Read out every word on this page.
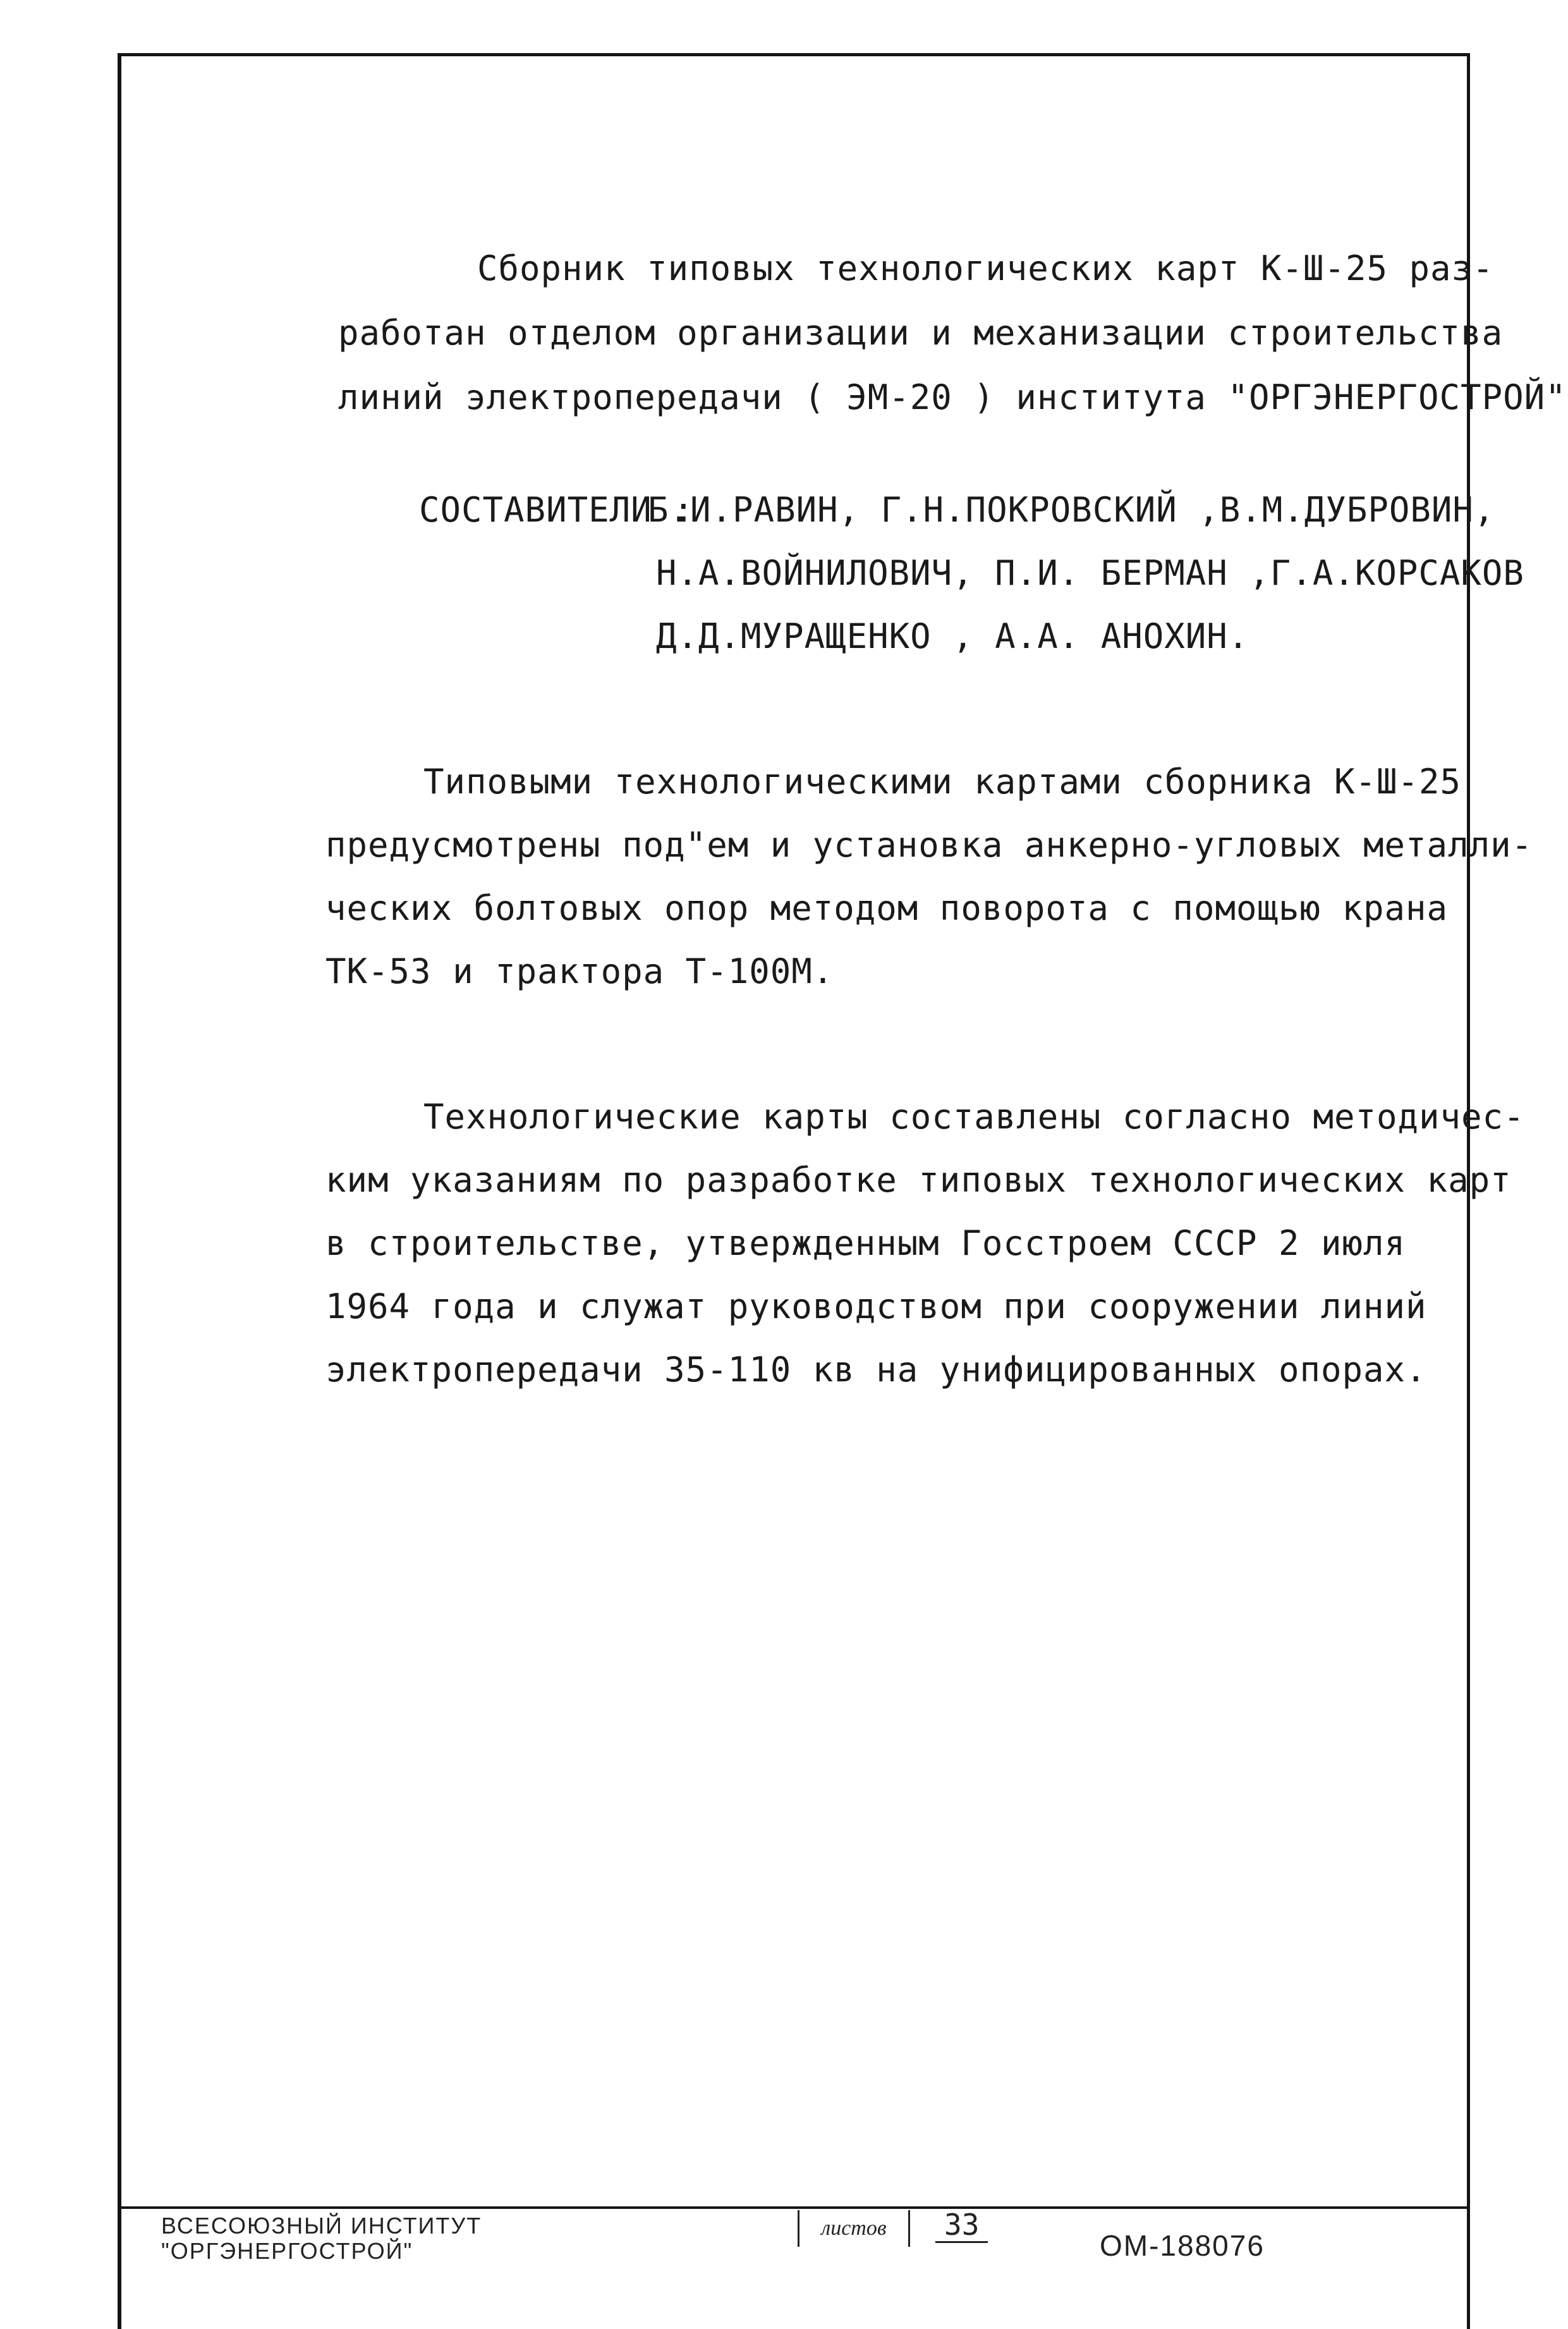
Сборник типовых технологических карт К-Ш-25 раз-
работан отделом организации и механизации строительства
линий электропередачи ( ЭМ-20 ) института "ОРГЭНЕРГОСТРОЙ"
СОСТАВИТЕЛИ :
Б.И.РАВИН, Г.Н.ПОКРОВСКИЙ ,В.М.ДУБРОВИН,
Н.А.ВОЙНИЛОВИЧ, П.И. БЕРМАН ,Г.А.КОРСАКОВ
Д.Д.МУРАЩЕНКО , А.А. АНОХИН.
Типовыми технологическими картами сборника К-Ш-25
предусмотрены под"ем и установка анкерно-угловых металли-
ческих болтовых опор методом поворота с помощью крана
ТК-53 и трактора Т-100М.
Технологические карты составлены согласно методичес-
ким указаниям по разработке типовых технологических карт
в строительстве, утвержденным Госстроем СССР 2 июля
1964 года и служат руководством при сооружении линий
электропередачи 35-110 кв на унифицированных опорах.
ВСЕСОЮЗНЫЙ ИНСТИТУТ
"ОРГЭНЕРГОСТРОЙ"
листов	33
ОМ-188076
